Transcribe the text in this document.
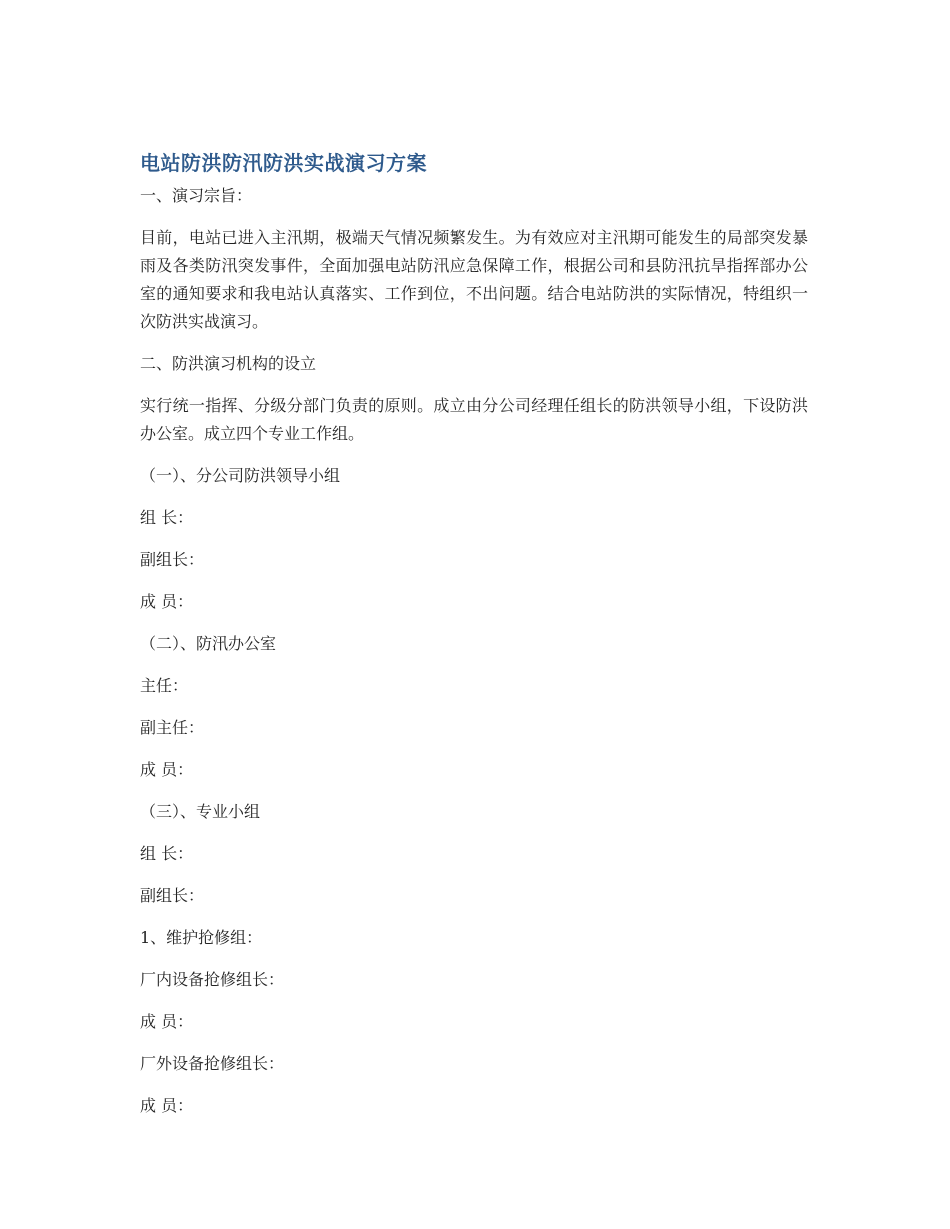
电站防洪防汛防洪实战演习方案

一、演习宗旨：

目前，电站已进入主汛期，极端天气情况频繁发生。为有效应对主汛期可能发生的局部突发暴雨及各类防汛突发事件，全面加强电站防汛应急保障工作，根据公司和县防汛抗旱指挥部办公室的通知要求和我电站认真落实、工作到位，不出问题。结合电站防洪的实际情况，特组织一次防洪实战演习。

二、防洪演习机构的设立

实行统一指挥、分级分部门负责的原则。成立由分公司经理任组长的防洪领导小组，下设防洪办公室。成立四个专业工作组。

（一）、分公司防洪领导小组

组 长：

副组长：

成 员：

（二）、防汛办公室

主任：

副主任：

成 员：

（三）、专业小组

组 长：

副组长：

1、维护抢修组：

厂内设备抢修组长：

成 员：

厂外设备抢修组长：

成 员：
